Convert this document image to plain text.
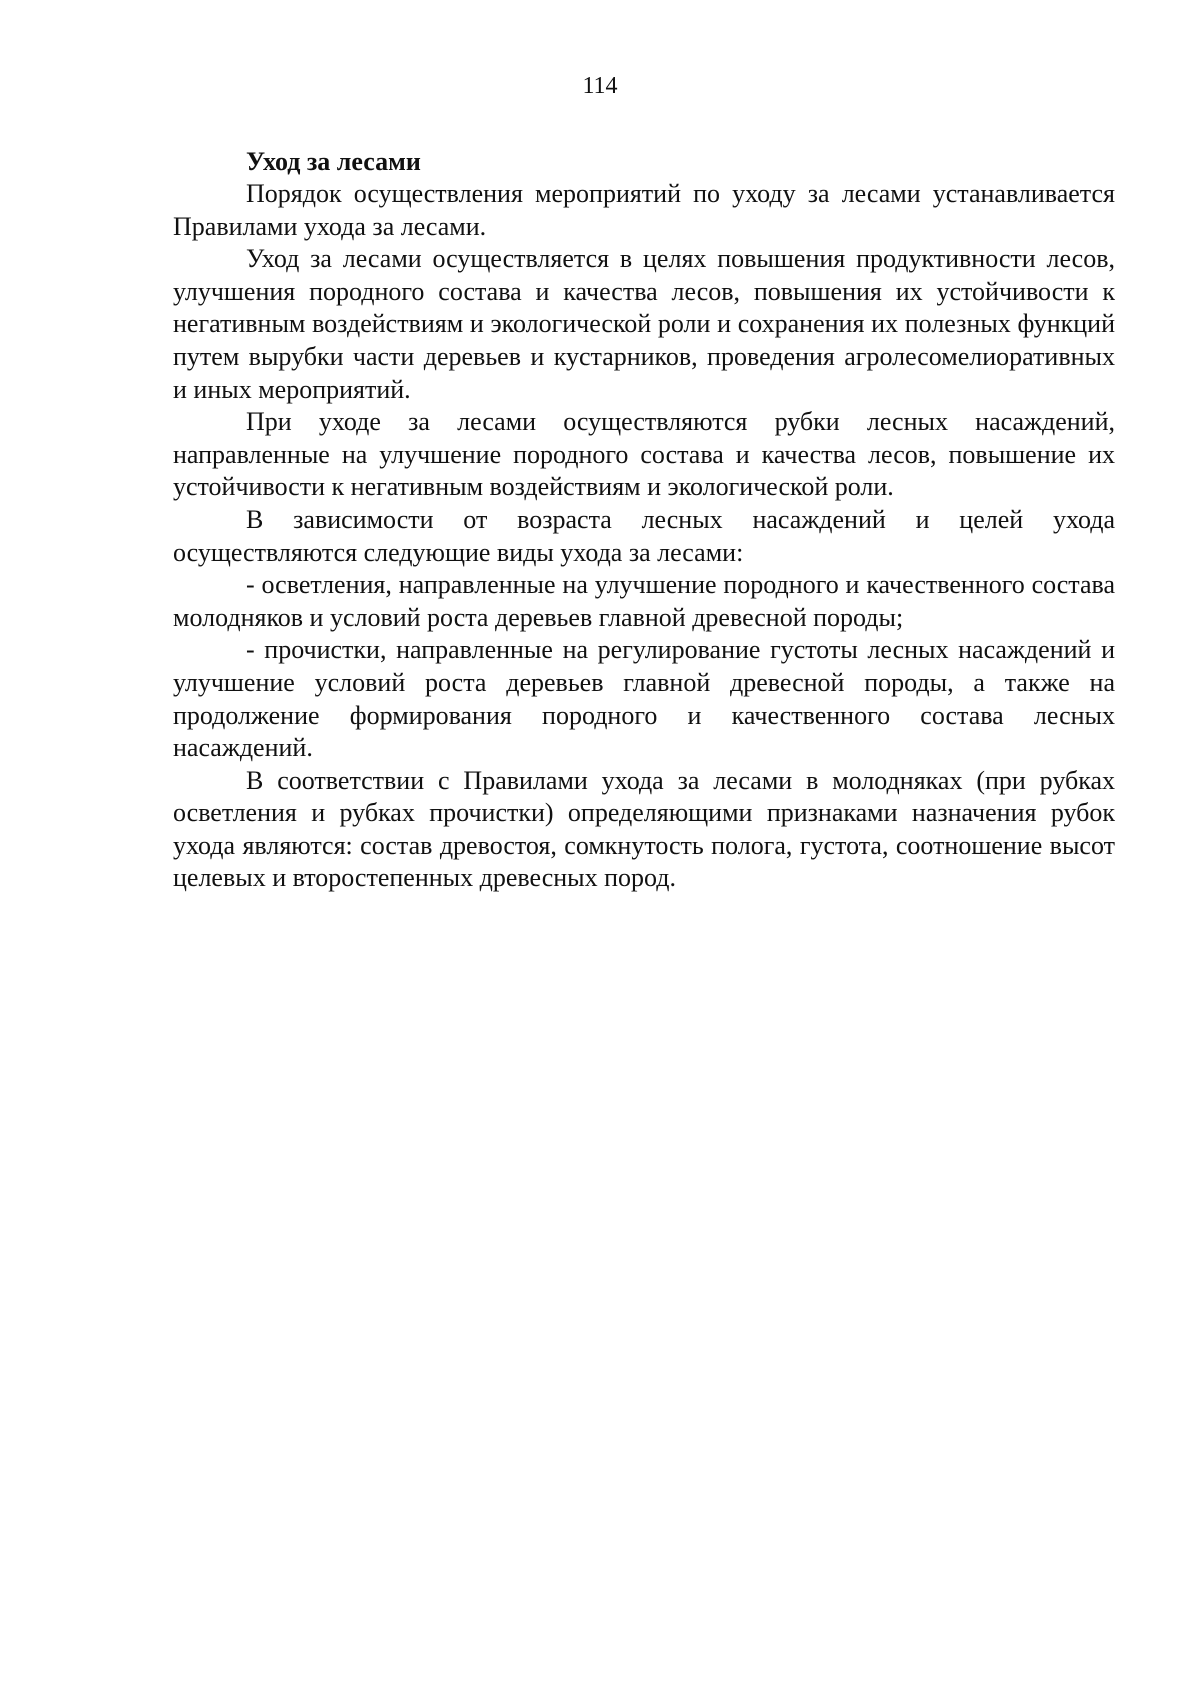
114

Уход за лесами

Порядок осуществления мероприятий по уходу за лесами устанавливается Правилами ухода за лесами.

Уход за лесами осуществляется в целях повышения продуктивности лесов, улучшения породного состава и качества лесов, повышения их устойчивости к негативным воздействиям и экологической роли и сохранения их полезных функций путем вырубки части деревьев и кустарников, проведения агролесомелиоративных и иных мероприятий.

При уходе за лесами осуществляются рубки лесных насаждений, направленные на улучшение породного состава и качества лесов, повышение их устойчивости к негативным воздействиям и экологической роли.

В зависимости от возраста лесных насаждений и целей ухода осуществляются следующие виды ухода за лесами:

- осветления, направленные на улучшение породного и качественного состава молодняков и условий роста деревьев главной древесной породы;

- прочистки, направленные на регулирование густоты лесных насаждений и улучшение условий роста деревьев главной древесной породы, а также на продолжение формирования породного и качественного состава лесных насаждений.

В соответствии с Правилами ухода за лесами в молодняках (при рубках осветления и рубках прочистки) определяющими признаками назначения рубок ухода являются: состав древостоя, сомкнутость полога, густота, соотношение высот целевых и второстепенных древесных пород.
